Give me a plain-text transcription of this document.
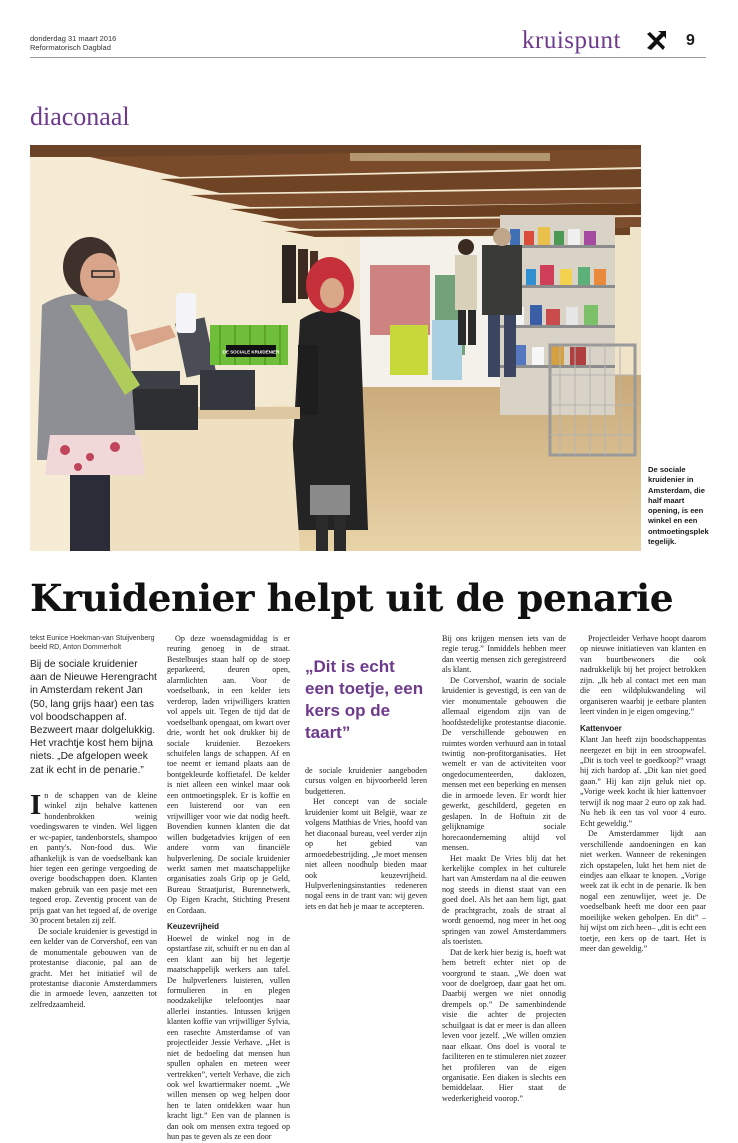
donderdag 31 maart 2016
Reformatorisch Dagblad	kruispunt	9
diaconaal
DE SOCIALE KRUIDENIER
De sociale kruidenier in Amsterdam, die half maart opening, is een winkel en een ontmoetingsplek tegelijk.
Kruidenier helpt uit de penarie
tekst Eunice Hoekman-van Stuijvenberg
beeld RD, Anton Dommerholt
Bij de sociale kruidenier aan de Nieuwe Herengracht in Amsterdam rekent Jan (50, lang grijs haar) een tas vol boodschappen af. Bezweert maar dolgelukkig. Het vrachtje kost hem bijna niets. „De afgelopen week zat ik echt in de penarie.”
I n de schappen van de kleine winkel zijn behalve kattenen hondenbrokken weinig voedingswaren te vinden. Wel liggen er wc-papier, tandenborstels, shampoo en panty's. Non-food dus. Wie afhankelijk is van de voedselbank kan hier tegen een geringe vergoeding de overige boodschappen doen. Klanten maken gebruik van een pasje met een tegoed erop. Zeventig procent van de prijs gaat van het tegoed af, de overige 30 procent betalen zij zelf.

De sociale kruidenier is gevestigd in een kelder van de Corvershof, een van de monumentale gebouwen van de protestantse diaconie, pal aan de gracht. Met het initiatief wil de protestantse diaconie Amsterdammers die in armoede leven, aanzetten tot zelfredzaamheid.

Op deze woensdagmiddag is er reuring genoeg in de straat. Bestelbusjes staan half op de stoep geparkeerd, deuren open, alarmlichten aan. Voor de voedselbank, in een kelder iets verderop, laden vrijwilligers kratten vol appels uit. Tegen de tijd dat de voedselbank opengaat, om kwart over drie, wordt het ook drukker bij de sociale kruidenier. Bezoekers schuifelen langs de schappen. Af en toe neemt er iemand plaats aan de bontgekleurde koffietafel. De kelder is niet alleen een winkel maar ook een ontmoetingsplek. Er is koffie en een luisterend oor van een vrijwilliger voor wie dat nodig heeft. Bovendien kunnen klanten die dat willen budgetadvies krijgen of een andere vorm van financiële hulpverlening. De sociale kruidenier werkt samen met maatschappelijke organisaties zoals Grip op je Geld, Bureau Straatjurist, Burennetwerk, Op Eigen Kracht, Stichting Present en Cordaan.

Keuzevrijheid

Hoewel de winkel nog in de opstartfase zit, schuift er nu en dan al een klant aan bij het legertje maatschappelijk werkers aan tafel. De hulpverleners luisteren, vullen formulieren in en plegen noodzakelijke telefoontjes naar allerlei instanties. Intussen krijgen klanten koffie van vrijwilliger Sylvia, een rasechte Amsterdamse of van projectleider Jessie Verhave. „Het is niet de bedoeling dat mensen hun spullen ophalen en meteen weer vertrekken”, vertelt Verhave, die zich ook wel kwartiermaker noemt. „We willen mensen op weg helpen door hen te laten ontdekken waar hun kracht ligt.” Een van de plannen is dan ook om mensen extra tegoed op hun pas te geven als ze een door

„Dit is echt een toetje, een kers op de taart”

de sociale kruidenier aangeboden cursus volgen en bijvoorbeeld leren budgetteren.

Het concept van de sociale kruidenier komt uit België, waar ze volgens Matthias de Vries, hoofd van het diaconaal bureau, veel verder zijn op het gebied van armoedebestrijding. „Je moet mensen niet alleen noodhulp bieden maar ook keuzevrijheid. Hulpverleningsinstanties redeneren nogal eens in de trant van: wij geven iets en dat heb je maar te accepteren.

Bij ons krijgen mensen iets van de regie terug.” Inmiddels hebben meer dan veertig mensen zich geregistreerd als klant.

De Corvershof, waarin de sociale kruidenier is gevestigd, is een van de vier monumentale gebouwen die allemaal eigendom zijn van de hoofdstedelijke protestantse diaconie. De verschillende gebouwen en ruimtes worden verhuurd aan in totaal twintig non-profitorganisaties. Het wemelt er van de activiteiten voor ongedocumenteerden, daklozen, mensen met een beperking en mensen die in armoede leven. Er wordt hier gewerkt, geschilderd, gegeten en geslapen. In de Hoftuin zit de gelijknamige sociale horecaonderneming altijd vol mensen.

Het maakt De Vries blij dat het kerkelijke complex in het culturele hart van Amsterdam na al die eeuwen nog steeds in dienst staat van een goed doel. Als het aan hem ligt, gaat de prachtgracht, zoals de straat al wordt genoemd, nog meer in het oog springen van zowel Amsterdammers als toeristen.

Dat de kerk hier bezig is, hoeft wat hem betreft echter niet op de voorgrond te staan. „We doen wat voor de doelgroep, daar gaat het om. Daarbij wergen we niet onnodig drempels op.” De samenbindende visie die achter de projecten schuilgaat is dat er meer is dan alleen leven voor jezelf. „We willen omzien naar elkaar. Ons doel is vooral te faciliteren en te stimuleren niet zozeer het profileren van de eigen organisatie. Een diaken is slechts een bemiddelaar. Hier staat de wederkerigheid voorop.”

Projectleider Verhave hoopt daarom op nieuwe initiatieven van klanten en van buurtbewoners die ook nadrukkelijk bij het project betrokken zijn. „Ik heb al contact met een man die een wildplukwandeling wil organiseren waarbij je eetbare planten leert vinden in je eigen omgeving.”

Kattenvoer

Klant Jan heeft zijn boodschappentas neergezet en bijt in een stroopwafel. „Dit is toch veel te goedkoop?” vraagt hij zich hardop af. „Dit kan niet goed gaan.” Hij kan zijn geluk niet op. „Vorige week kocht ik hier kattenvoer terwijl ik nog maar 2 euro op zak had. Nu heb ik een tas vol voor 4 euro. Echt geweldig.”

De Amsterdammer lijdt aan verschillende aandoeningen en kan niet werken. Wanneer de rekeningen zich opstapelen, lukt het hem niet de eindjes aan elkaar te knopen. „Vorige week zat ik echt in de penarie. Ik ben nogal een zenuwlijer, weet je. De voedselbank heeft me door een paar moeilijke weken geholpen. En dit” –hij wijst om zich heen– „dit is echt een toetje, een kers op de taart. Het is meer dan geweldig.”
